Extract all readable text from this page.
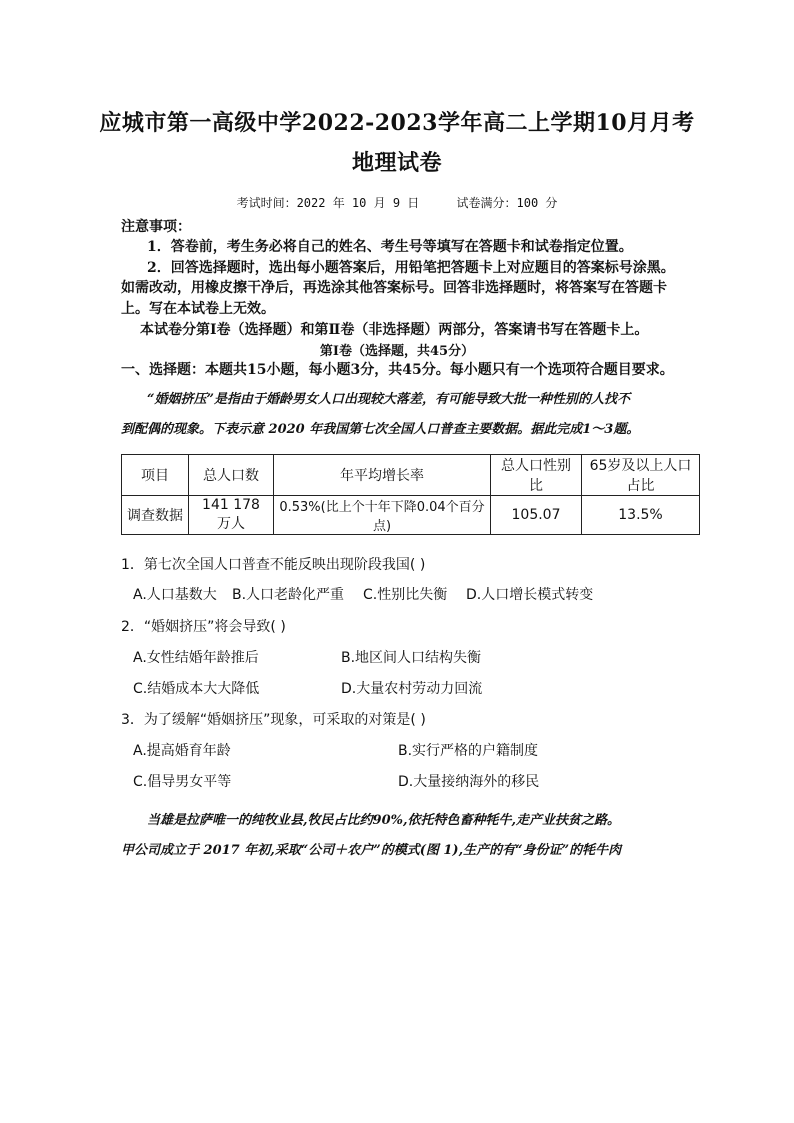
应城市第一高级中学2022-2023学年高二上学期10月月考
地理试卷
考试时间：2022 年 10 月 9 日	试卷满分：100 分
注意事项：
1．答卷前，考生务必将自己的姓名、考生号等填写在答题卡和试卷指定位置。
2．回答选择题时，选出每小题答案后，用铅笔把答题卡上对应题目的答案标号涂黑。
如需改动，用橡皮擦干净后，再选涂其他答案标号。回答非选择题时，将答案写在答题卡
上。写在本试卷上无效。
本试卷分第Ⅰ卷（选择题）和第Ⅱ卷（非选择题）两部分，答案请书写在答题卡上。
第Ⅰ卷（选择题，共45分）
一、选择题：本题共15小题，每小题3分，共45分。每小题只有一个选项符合题目要求。
“婚姻挤压”是指由于婚龄男女人口出现较大落差，有可能导致大批一种性别的人找不
到配偶的现象。下表示意 2020 年我国第七次全国人口普查主要数据。据此完成1～3题。
项目	总人口数	年平均增长率	总人口性别比	65岁及以上人口占比
调查数据	141 178 万人	0.53%(比上个十年下降0.04个百分点)	105.07	13.5%
1．第七次全国人口普查不能反映出现阶段我国( )
A.人口基数大 B.人口老龄化严重 C.性别比失衡 D.人口增长模式转变
2．“婚姻挤压”将会导致( )
A.女性结婚年龄推后	B.地区间人口结构失衡
C.结婚成本大大降低	D.大量农村劳动力回流
3．为了缓解“婚姻挤压”现象，可采取的对策是( )
A.提高婚育年龄	B.实行严格的户籍制度
C.倡导男女平等	D.大量接纳海外的移民
当雄是拉萨唯一的纯牧业县,牧民占比约90%,依托特色畜种牦牛,走产业扶贫之路。
甲公司成立于 2017 年初,采取“公司＋农户”的模式(图 1),生产的有“身份证”的牦牛肉
